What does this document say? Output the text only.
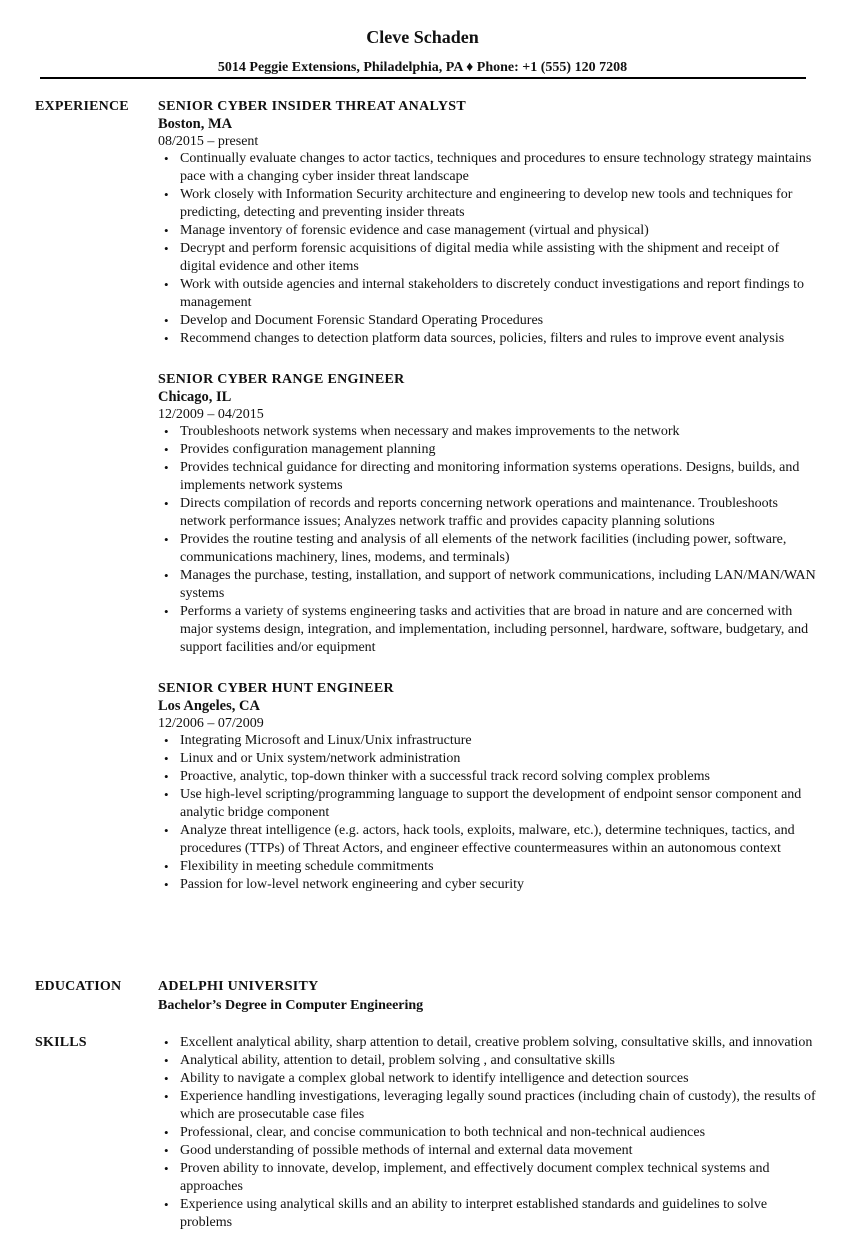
Cleve Schaden
5014 Peggie Extensions, Philadelphia, PA ♦ Phone: +1 (555) 120 7208
EXPERIENCE SENIOR CYBER INSIDER THREAT ANALYST
Boston, MA
08/2015 – present
• Continually evaluate changes to actor tactics, techniques and procedures to ensure technology strategy maintains pace with a changing cyber insider threat landscape
• Work closely with Information Security architecture and engineering to develop new tools and techniques for predicting, detecting and preventing insider threats
• Manage inventory of forensic evidence and case management (virtual and physical)
• Decrypt and perform forensic acquisitions of digital media while assisting with the shipment and receipt of digital evidence and other items
• Work with outside agencies and internal stakeholders to discretely conduct investigations and report findings to management
• Develop and Document Forensic Standard Operating Procedures
• Recommend changes to detection platform data sources, policies, filters and rules to improve event analysis
SENIOR CYBER RANGE ENGINEER
Chicago, IL
12/2009 – 04/2015
• Troubleshoots network systems when necessary and makes improvements to the network
• Provides configuration management planning
• Provides technical guidance for directing and monitoring information systems operations. Designs, builds, and implements network systems
• Directs compilation of records and reports concerning network operations and maintenance. Troubleshoots network performance issues; Analyzes network traffic and provides capacity planning solutions
• Provides the routine testing and analysis of all elements of the network facilities (including power, software, communications machinery, lines, modems, and terminals)
• Manages the purchase, testing, installation, and support of network communications, including LAN/MAN/WAN systems
• Performs a variety of systems engineering tasks and activities that are broad in nature and are concerned with major systems design, integration, and implementation, including personnel, hardware, software, budgetary, and support facilities and/or equipment
SENIOR CYBER HUNT ENGINEER
Los Angeles, CA
12/2006 – 07/2009
• Integrating Microsoft and Linux/Unix infrastructure
• Linux and or Unix system/network administration
• Proactive, analytic, top-down thinker with a successful track record solving complex problems
• Use high-level scripting/programming language to support the development of endpoint sensor component and analytic bridge component
• Analyze threat intelligence (e.g. actors, hack tools, exploits, malware, etc.), determine techniques, tactics, and procedures (TTPs) of Threat Actors, and engineer effective countermeasures within an autonomous context
• Flexibility in meeting schedule commitments
• Passion for low-level network engineering and cyber security
EDUCATION	ADELPHI UNIVERSITY
Bachelor’s Degree in Computer Engineering
SKILLS
•	Excellent analytical ability, sharp attention to detail, creative problem solving, consultative skills, and innovation
• Analytical ability, attention to detail, problem solving , and consultative skills
• Ability to navigate a complex global network to identify intelligence and detection sources
• Experience handling investigations, leveraging legally sound practices (including chain of custody), the results of which are prosecutable case files
• Professional, clear, and concise communication to both technical and non-technical audiences
• Good understanding of possible methods of internal and external data movement
• Proven ability to innovate, develop, implement, and effectively document complex technical systems and approaches
• Experience using analytical skills and an ability to interpret established standards and guidelines to solve problems
